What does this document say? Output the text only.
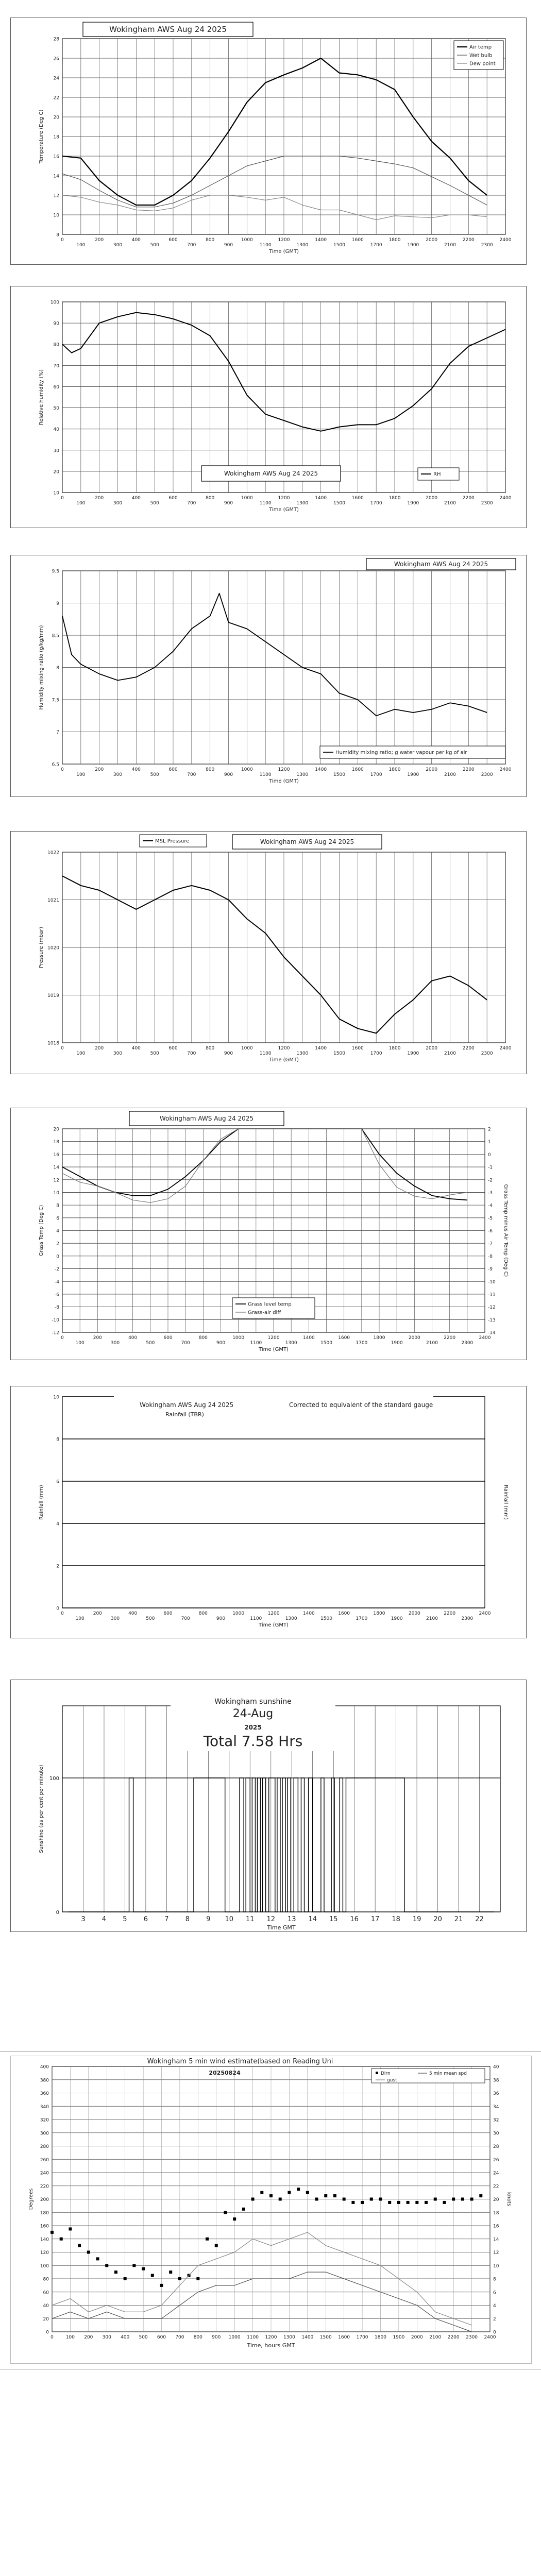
8
10
12
14
16
18
20
22
24
26
28
0
100
200
300
400
500
600
700
800
900
1000
1100
1200
1300
1400
1500
1600
1700
1800
1900
2000
2100
2200
2300
2400
Time (GMT)
Temperature (Deg C)
Wokingham AWS Aug 24 2025
Air temp
Wet bulb
Dew point
10
20
30
40
50
60
70
80
90
100
0
100
200
300
400
500
600
700
800
900
1000
1100
1200
1300
1400
1500
1600
1700
1800
1900
2000
2100
2200
2300
2400
Time (GMT)
Relative humidity (%)
Wokingham AWS Aug 24 2025	RH
6.5
7
7.5
8
8.5
9
9.5
0
100
200
300
400
500
600
700
800
900
1000
1100
1200
1300
1400
1500
1600
1700
1800
1900
2000
2100
2200
2300
2400
Time (GMT)
Humidity mixing ratio (g/kg/mm)
Wokingham AWS Aug 24 2025
Humidity mixing ratio; g water vapour per kg of air
1018
1019
1020
1021
1022
0
100
200
300
400
500
600
700
800
900
1000
1100
1200
1300
1400
1500
1600
1700
1800
1900
2000
2100
2200
2300
2400
Time (GMT)
Pressure (mbar)
Wokingham AWS Aug 24 2025
MSL Pressure
-12
-10
-8
-6
-4
-2
0
2
4
6
8
10
12
14
16
18
20
0
100
200
300
400
500
600
700
800
900
1000
1100
1200
1300
1400
1500
1600
1700
1800
1900
2000
2100
2200
2300
2400
-14
-13
-12
-11
-10
-9
-8
-7
-6
-5
-4
-3
-2
-1
0
1
2
Time (GMT)
Grass Temp (Deg C)	Grass Temp minus Air Temp (Deg C)
Wokingham AWS Aug 24 2025
Grass level temp
Grass-air diff
0
2
4
6
8
10
0
100
200
300
400
500
600
700
800
900
1000
1100
1200
1300
1400
1500
1600
1700
1800
1900
2000
2100
2200
2300
2400
Time (GMT)
Rainfall (mm)	Rainfall (mm)
Wokingham AWS Aug 24 2025
Rainfall (TBR)
Corrected to equivalent of the standard gauge
3 4 5 6 7 8 9 10 11 12 13 14 15 16 17 18 19 20 21 22
0
100
Time GMT
Sunshine (as per cent per minute)
Wokingham sunshine
24-Aug
2025
Total 7.58 Hrs
0
20
40
60
80
100
120
140
160
180
200
220
240
260
280
300
320
340
360
380
400
0
2
4
6
8
10
12
14
16
18
20
22
24
26
28
30
32
34
36
38
40
0	100 200 300 400 500 600 700 800 900 1000 1100 1200 1300 1400 1500 1600 1700 1800 1900 2000 2100 2200 2300 2400
Time, hours GMT
Degrees	knots
Wokingham 5 min wind estimate(based on Reading Uni
20250824	Dirn	5 min mean spd
gust
